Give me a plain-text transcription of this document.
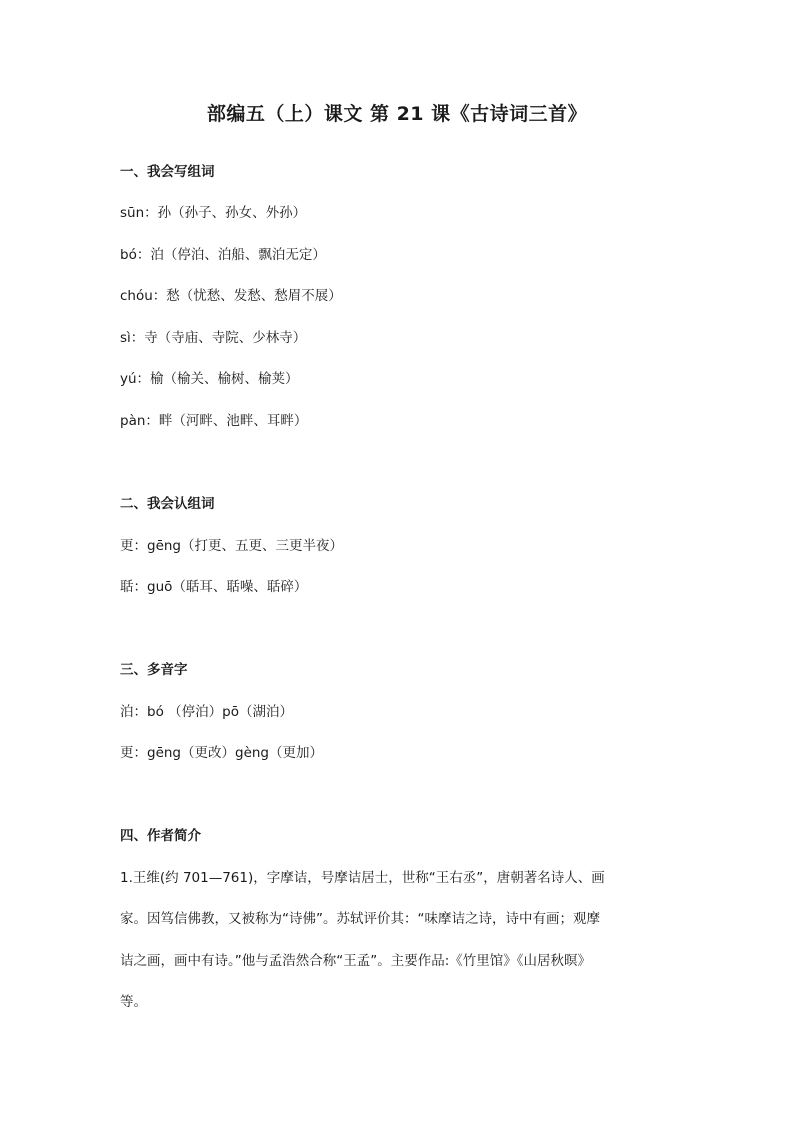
部编五（上）课文 第 21 课《古诗词三首》
一、我会写组词
sūn：孙（孙子、孙女、外孙）
bó：泊（停泊、泊船、飘泊无定）
chóu：愁（忧愁、发愁、愁眉不展）
sì：寺（寺庙、寺院、少林寺）
yú：榆（榆关、榆树、榆荚）
pàn：畔（河畔、池畔、耳畔）
二、我会认组词
更：gēng（打更、五更、三更半夜）
聒：guō（聒耳、聒噪、聒碎）
三、多音字
泊：bó （停泊）pō（湖泊）
更：gēng（更改）gèng（更加）
四、作者简介
1.王维(约 701—761)，字摩诘，号摩诘居士，世称“王右丞”，唐朝著名诗人、画
家。因笃信佛教，又被称为“诗佛”。苏轼评价其：“味摩诘之诗，诗中有画；观摩
诘之画，画中有诗。”他与孟浩然合称“王孟”。主要作品:《竹里馆》《山居秋暝》
等。
